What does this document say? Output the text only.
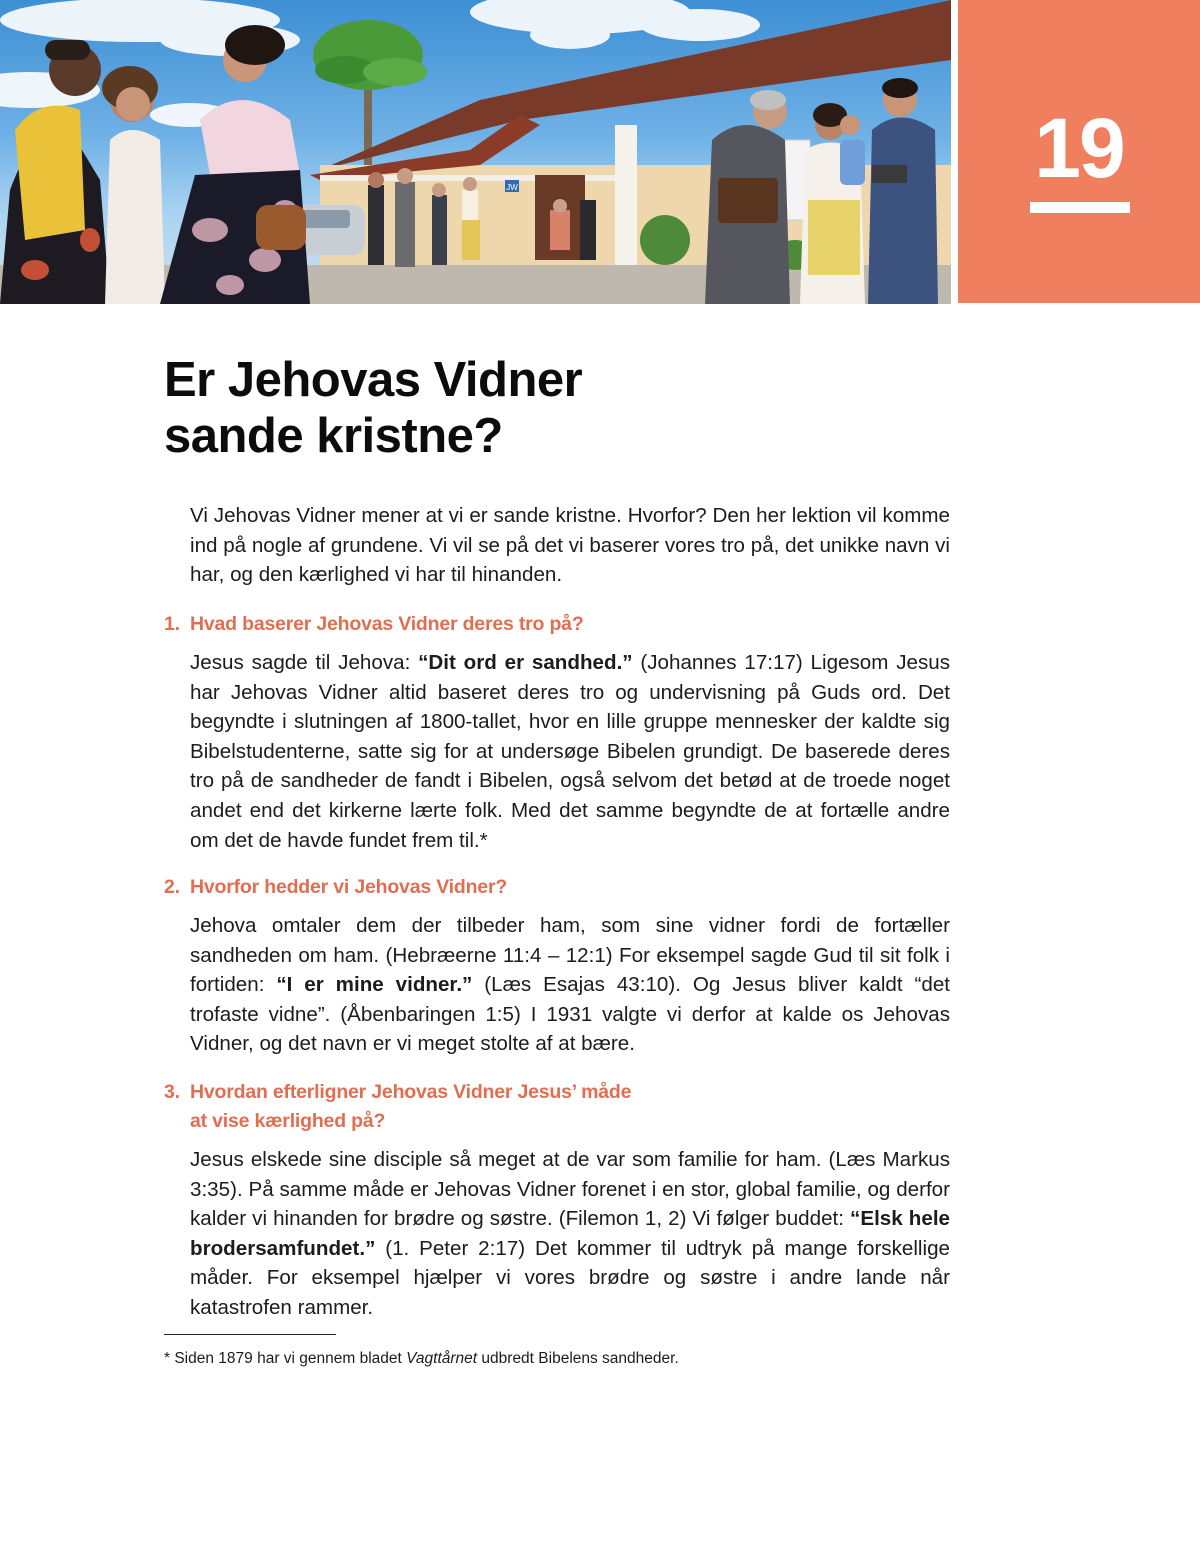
JW	19
Er Jehovas Vidner
sande kristne?

Vi Jehovas Vidner mener at vi er sande kristne. Hvorfor? Den her lektion vil komme ind på nogle af grundene. Vi vil se på det vi baserer vores tro på, det unikke navn vi har, og den kærlighed vi har til hinanden.

1. Hvad baserer Jehovas Vidner deres tro på?

Jesus sagde til Jehova: “Dit ord er sandhed.” (Johannes 17:17) Ligesom Jesus har Jehovas Vidner altid baseret deres tro og undervisning på Guds ord. Det begyndte i slutningen af 1800-tallet, hvor en lille gruppe mennesker der kaldte sig Bibelstudenterne, satte sig for at undersøge Bibelen grundigt. De baserede deres tro på de sandheder de fandt i Bibelen, også selvom det betød at de troede noget andet end det kirkerne lærte folk. Med det samme begyndte de at fortælle andre om det de havde fundet frem til.*

2. Hvorfor hedder vi Jehovas Vidner?

Jehova omtaler dem der tilbeder ham, som sine vidner fordi de fortæller sandheden om ham. (Hebræerne 11:4 – 12:1) For eksempel sagde Gud til sit folk i fortiden: “I er mine vidner.” (Læs Esajas 43:10). Og Jesus bliver kaldt “det trofaste vidne”. (Åbenbaringen 1:5) I 1931 valgte vi derfor at kalde os Jehovas Vidner, og det navn er vi meget stolte af at bære.

3. Hvordan efterligner Jehovas Vidner Jesus’ måde
at vise kærlighed på?

Jesus elskede sine disciple så meget at de var som familie for ham. (Læs Markus 3:35). På samme måde er Jehovas Vidner forenet i en stor, global familie, og derfor kalder vi hinanden for brødre og søstre. (Filemon 1, 2) Vi følger buddet: “Elsk hele brodersamfundet.” (1. Peter 2:17) Det kommer til udtryk på mange forskellige måder. For eksempel hjælper vi vores brødre og søstre i andre lande når katastrofen rammer.

* Siden 1879 har vi gennem bladet Vagttårnet udbredt Bibelens sandheder.
